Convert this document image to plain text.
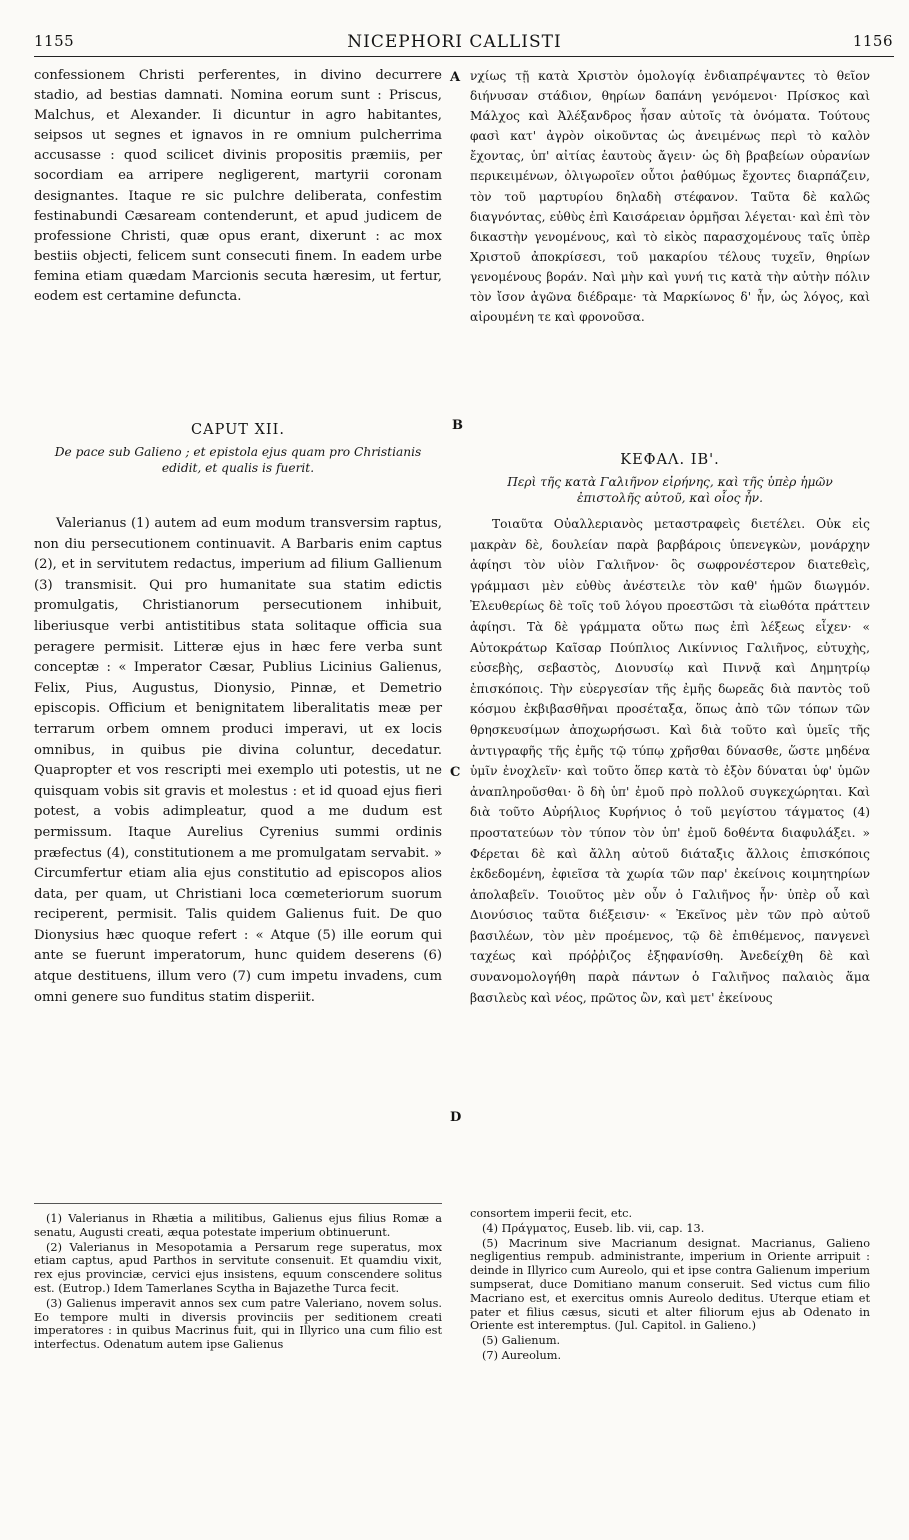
1155	NICEPHORI CALLISTI	1156
A
B
C
D

confessionem Christi perferentes, in divino decurrere stadio, ad bestias damnati. Nomina eorum sunt : Priscus, Malchus, et Alexander. Ii dicuntur in agro habitantes, seipsos ut segnes et ignavos in re omnium pulcherrima accusasse : quod scilicet divinis propositis præmiis, per socordiam ea arripere negligerent, martyrii coronam designantes. Itaque re sic pulchre deliberata, confestim festinabundi Cæsaream contenderunt, et apud judicem de professione Christi, quæ opus erant, dixerunt : ac mox bestiis objecti, felicem sunt consecuti finem. In eadem urbe femina etiam quædam Marcionis secuta hæresim, ut fertur, eodem est certamine defuncta.

CAPUT XII.

De pace sub Galieno ; et epistola ejus quam pro Christianis edidit, et qualis is fuerit.

Valerianus (1) autem ad eum modum transversim raptus, non diu persecutionem continuavit. A Barbaris enim captus (2), et in servitutem redactus, imperium ad filium Gallienum (3) transmisit. Qui pro humanitate sua statim edictis promulgatis, Christianorum persecutionem inhibuit, liberiusque verbi antistitibus stata solitaque officia sua peragere permisit. Litteræ ejus in hæc fere verba sunt conceptæ : « Imperator Cæsar, Publius Licinius Galienus, Felix, Pius, Augustus, Dionysio, Pinnæ, et Demetrio episcopis. Officium et benignitatem liberalitatis meæ per terrarum orbem omnem produci imperavi, ut ex locis omnibus, in quibus pie divina coluntur, decedatur. Quapropter et vos rescripti mei exemplo uti potestis, ut ne quisquam vobis sit gravis et molestus : et id quoad ejus fieri potest, a vobis adimpleatur, quod a me dudum est permissum. Itaque Aurelius Cyrenius summi ordinis præfectus (4), constitutionem a me promulgatam servabit. » Circumfertur etiam alia ejus constitutio ad episcopos alios data, per quam, ut Christiani loca cœmeteriorum suorum reciperent, permisit. Talis quidem Galienus fuit. De quo Dionysius hæc quoque refert : « Atque (5) ille eorum qui ante se fuerunt imperatorum, hunc quidem deserens (6) atque destituens, illum vero (7) cum impetu invadens, cum omni genere suo funditus statim disperiit.

νχίως τῇ κατὰ Χριστὸν ὁμολογίᾳ ἐνδιαπρέψαντες τὸ θεῖον διήνυσαν στάδιον, θηρίων δαπάνη γενόμενοι· Πρίσκος καὶ Μάλχος καὶ Ἀλέξανδρος ἦσαν αὐτοῖς τὰ ὀνόματα. Τούτους φασὶ κατ' ἀγρὸν οἰκοῦντας ὡς ἀνειμένως περὶ τὸ καλὸν ἔχοντας, ὑπ' αἰτίας ἑαυτοὺς ἄγειν· ὡς δὴ βραβείων οὐρανίων περικειμένων, ὀλιγωροῖεν οὗτοι ῥαθύμως ἔχοντες διαρπάζειν, τὸν τοῦ μαρτυρίου δηλαδὴ στέφανον. Ταῦτα δὲ καλῶς διαγνόντας, εὐθὺς ἐπὶ Καισάρειαν ὁρμῆσαι λέγεται· καὶ ἐπὶ τὸν δικαστὴν γενομένους, καὶ τὸ εἰκὸς παρασχομένους ταῖς ὑπὲρ Χριστοῦ ἀποκρίσεσι, τοῦ μακαρίου τέλους τυχεῖν, θηρίων γενομένους βοράν. Ναὶ μὴν καὶ γυνή τις κατὰ τὴν αὐτὴν πόλιν τὸν ἴσον ἀγῶνα διέδραμε· τὰ Μαρκίωνος δ' ἦν, ὡς λόγος, καὶ αἱρουμένη τε καὶ φρονοῦσα.

ΚΕΦΑΛ. ΙΒ'.

Περὶ τῆς κατὰ Γαλιῆνον εἰρήνης, καὶ τῆς ὑπὲρ ἡμῶν ἐπιστολῆς αὐτοῦ, καὶ οἷος ἦν.

Τοιαῦτα Οὐαλλεριανὸς μεταστραφεὶς διετέλει. Οὐκ εἰς μακρὰν δὲ, δουλείαν παρὰ βαρβάροις ὑπενεγκὼν, μονάρχην ἀφίησι τὸν υἱὸν Γαλιῆνον· ὃς σωφρονέστερον διατεθεὶς, γράμμασι μὲν εὐθὺς ἀνέστειλε τὸν καθ' ἡμῶν διωγμόν. Ἐλευθερίως δὲ τοῖς τοῦ λόγου προεστῶσι τὰ εἰωθότα πράττειν ἀφίησι. Τὰ δὲ γράμματα οὕτω πως ἐπὶ λέξεως εἶχεν· « Αὐτοκράτωρ Καῖσαρ Πούπλιος Λικίννιος Γαλιῆνος, εὐτυχὴς, εὐσεβὴς, σεβαστὸς, Διονυσίῳ καὶ Πιννᾷ καὶ Δημητρίῳ ἐπισκόποις. Τὴν εὐεργεσίαν τῆς ἐμῆς δωρεᾶς διὰ παντὸς τοῦ κόσμου ἐκβιβασθῆναι προσέταξα, ὅπως ἀπὸ τῶν τόπων τῶν θρησκευσίμων ἀποχωρήσωσι. Καὶ διὰ τοῦτο καὶ ὑμεῖς τῆς ἀντιγραφῆς τῆς ἐμῆς τῷ τύπῳ χρῆσθαι δύνασθε, ὥστε μηδένα ὑμῖν ἐνοχλεῖν· καὶ τοῦτο ὅπερ κατὰ τὸ ἐξὸν δύναται ὑφ' ὑμῶν ἀναπληροῦσθαι· ὃ δὴ ὑπ' ἐμοῦ πρὸ πολλοῦ συγκεχώρηται. Καὶ διὰ τοῦτο Αὐρήλιος Κυρήνιος ὁ τοῦ μεγίστου τάγματος (4) προστατεύων τὸν τύπον τὸν ὑπ' ἐμοῦ δοθέντα διαφυλάξει. » Φέρεται δὲ καὶ ἄλλη αὐτοῦ διάταξις ἄλλοις ἐπισκόποις ἐκδεδομένη, ἐφιεῖσα τὰ χωρία τῶν παρ' ἐκείνοις κοιμητηρίων ἀπολαβεῖν. Τοιοῦτος μὲν οὖν ὁ Γαλιῆνος ἦν· ὑπὲρ οὗ καὶ Διονύσιος ταῦτα διέξεισιν· « Ἐκεῖνος μὲν τῶν πρὸ αὐτοῦ βασιλέων, τὸν μὲν προέμενος, τῷ δὲ ἐπιθέμενος, πανγενεὶ ταχέως καὶ πρόῤῥιζος ἐξηφανίσθη. Ἀνεδείχθη δὲ καὶ συνανομολογήθη παρὰ πάντων ὁ Γαλιῆνος παλαιὸς ἅμα βασιλεὺς καὶ νέος, πρῶτος ὢν, καὶ μετ' ἐκείνους

(1) Valerianus in Rhætia a militibus, Galienus ejus filius Romæ a senatu, Augusti creati, æqua potestate imperium obtinuerunt.

(2) Valerianus in Mesopotamia a Persarum rege superatus, mox etiam captus, apud Parthos in servitute consenuit. Et quamdiu vixit, rex ejus provinciæ, cervici ejus insistens, equum conscendere solitus est. (Eutrop.) Idem Tamerlanes Scytha in Bajazethe Turca fecit.

(3) Galienus imperavit annos sex cum patre Valeriano, novem solus. Eo tempore multi in diversis provinciis per seditionem creati imperatores : in quibus Macrinus fuit, qui in Illyrico una cum filio est interfectus. Odenatum autem ipse Galienus

consortem imperii fecit, etc.

(4) Πράγματος, Euseb. lib. vii, cap. 13.

(5) Macrinum sive Macrianum designat. Macrianus, Galieno negligentius rempub. administrante, imperium in Oriente arripuit : deinde in Illyrico cum Aureolo, qui et ipse contra Galienum imperium sumpserat, duce Domitiano manum conseruit. Sed victus cum filio Macriano est, et exercitus omnis Aureolo deditus. Uterque etiam et pater et filius cæsus, sicuti et alter filiorum ejus ab Odenato in Oriente est interemptus. (Jul. Capitol. in Galieno.)

(5) Galienum.

(7) Aureolum.
